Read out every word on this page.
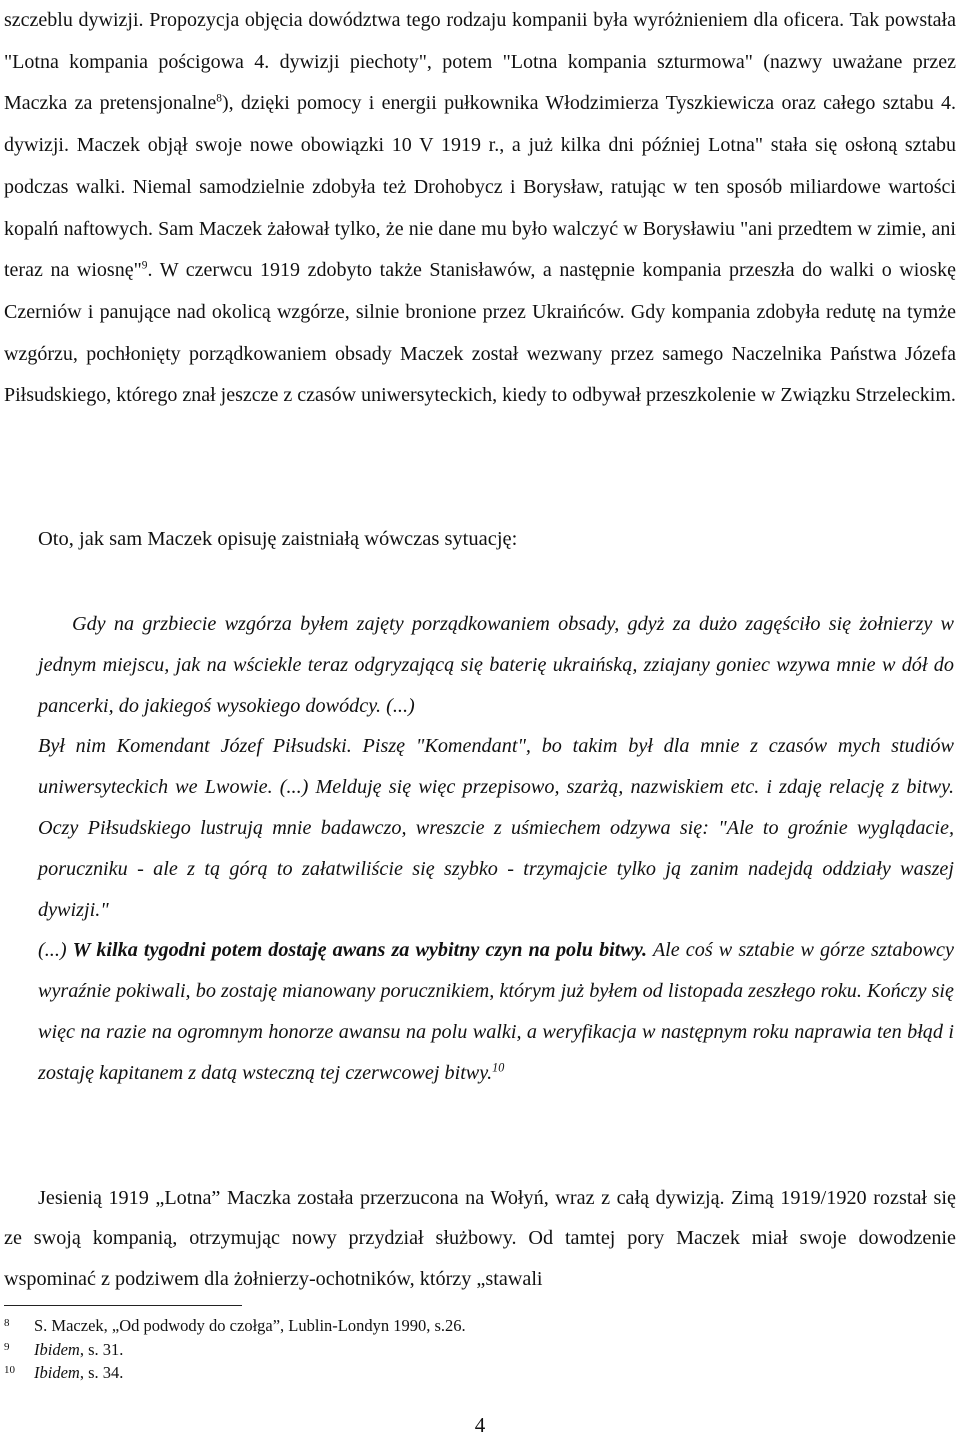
szczeblu dywizji. Propozycja objęcia dowództwa tego rodzaju kompanii była wyróżnieniem dla oficera. Tak powstała "Lotna kompania pościgowa 4. dywizji piechoty", potem "Lotna kompania szturmowa" (nazwy uważane przez Maczka za pretensjonalne$^8$), dzięki pomocy i energii pułkownika Włodzimierza Tyszkiewicza oraz całego sztabu 4. dywizji. Maczek objął swoje nowe obowiązki 10 V 1919 r., a już kilka dni później Lotna" stała się osłoną sztabu podczas walki. Niemal samodzielnie zdobyła też Drohobycz i Borysław, ratując w ten sposób miliardowe wartości kopalń naftowych. Sam Maczek żałował tylko, że nie dane mu było walczyć w Borysławiu "ani przedtem w zimie, ani teraz na wiosnę"$^9$. W czerwcu 1919 zdobyto także Stanisławów, a następnie kompania przeszła do walki o wioskę Czerniów i panujące nad okolicą wzgórze, silnie bronione przez Ukraińców. Gdy kompania zdobyła redutę na tymże wzgórzu, pochłonięty porządkowaniem obsady Maczek został wezwany przez samego Naczelnika Państwa Józefa Piłsudskiego, którego znał jeszcze z czasów uniwersyteckich, kiedy to odbywał przeszkolenie w Związku Strzeleckim.

Oto, jak sam Maczek opisuję zaistniałą wówczas sytuację:

Gdy na grzbiecie wzgórza byłem zajęty porządkowaniem obsady, gdyż za dużo zagęściło się żołnierzy w jednym miejscu, jak na wściekle teraz odgryzającą się baterię ukraińską, zziajany goniec wzywa mnie w dół do pancerki, do jakiegoś wysokiego dowódcy. (...)
Był nim Komendant Józef Piłsudski. Piszę "Komendant", bo takim był dla mnie z czasów mych studiów uniwersyteckich we Lwowie. (...) Melduję się więc przepisowo, szarżą, nazwiskiem etc. i zdaję relację z bitwy. Oczy Piłsudskiego lustrują mnie badawczo, wreszcie z uśmiechem odzywa się: "Ale to groźnie wyglądacie, poruczniku - ale z tą górą to załatwiliście się szybko - trzymajcie tylko ją zanim nadejdą oddziały waszej dywizji."
(...) W kilka tygodni potem dostaję awans za wybitny czyn na polu bitwy. Ale coś w sztabie w górze sztabowcy wyraźnie pokiwali, bo zostaję mianowany porucznikiem, którym już byłem od listopada zeszłego roku. Kończy się więc na razie na ogromnym honorze awansu na polu walki, a weryfikacja w następnym roku naprawia ten błąd i zostaję kapitanem z datą wsteczną tej czerwcowej bitwy.$^{10}$

Jesienią 1919 „Lotna” Maczka została przerzucona na Wołyń, wraz z całą dywizją. Zimą 1919/1920 rozstał się ze swoją kompanią, otrzymując nowy przydział służbowy. Od tamtej pory Maczek miał swoje dowodzenie wspominać z podziwem dla żołnierzy-ochotników, którzy „stawali

8 S. Maczek, „Od podwody do czołga”, Lublin-Londyn 1990, s.26.
9 Ibidem, s. 31.
10 Ibidem, s. 34.
4
